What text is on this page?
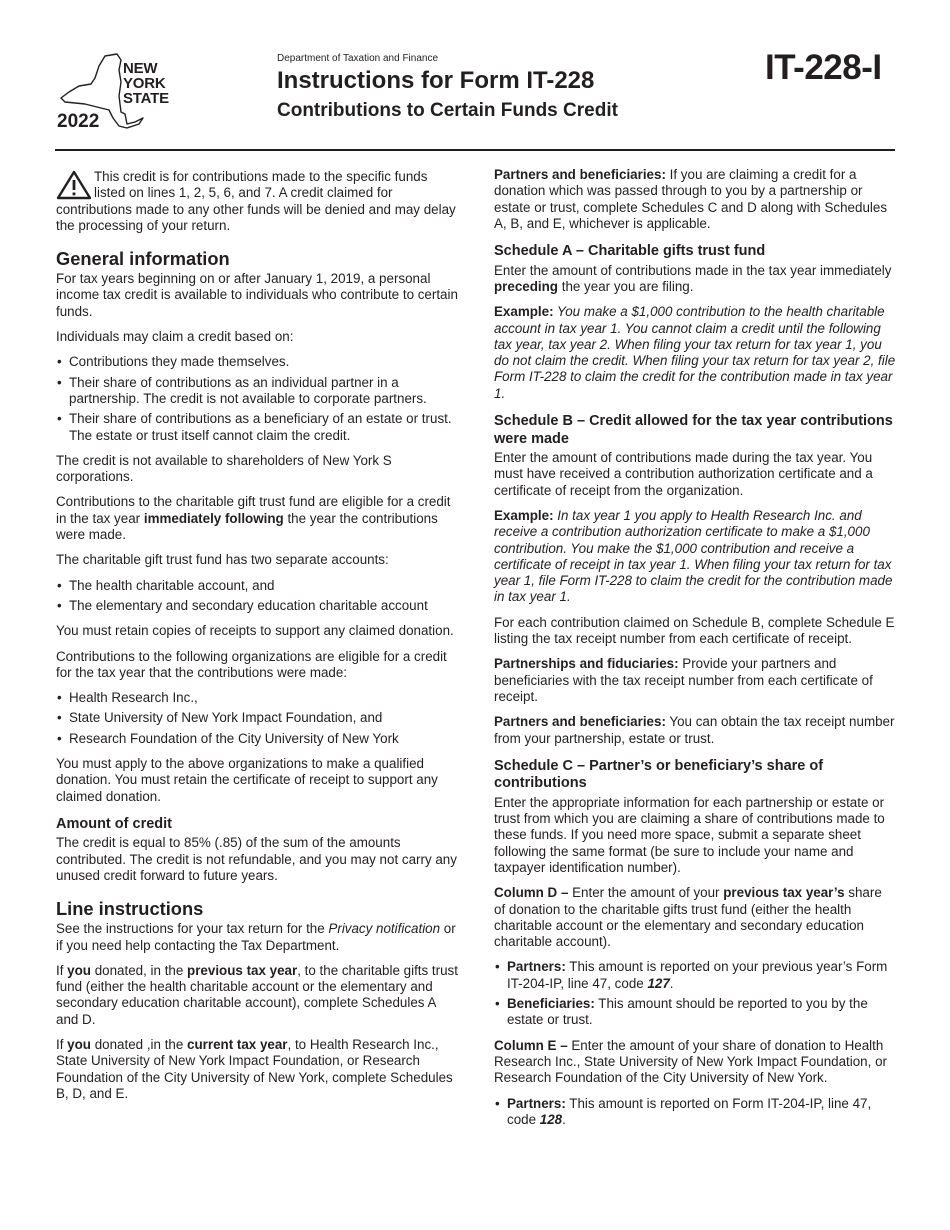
NEW
YORK
STATE
2022
Department of Taxation and Finance
Instructions for Form IT-228
Contributions to Certain Funds Credit
IT-228-I

This credit is for contributions made to the specific funds listed on lines 1, 2, 5, 6, and 7. A credit claimed for contributions made to any other funds will be denied and may delay the processing of your return.

General information

For tax years beginning on or after January 1, 2019, a personal income tax credit is available to individuals who contribute to certain funds.

Individuals may claim a credit based on:

• Contributions they made themselves.
• Their share of contributions as an individual partner in a partnership. The credit is not available to corporate partners.
• Their share of contributions as a beneficiary of an estate or trust. The estate or trust itself cannot claim the credit.

The credit is not available to shareholders of New York S corporations.

Contributions to the charitable gift trust fund are eligible for a credit in the tax year immediately following the year the contributions were made.

The charitable gift trust fund has two separate accounts:

• The health charitable account, and
• The elementary and secondary education charitable account

You must retain copies of receipts to support any claimed donation.

Contributions to the following organizations are eligible for a credit for the tax year that the contributions were made:

• Health Research Inc.,
• State University of New York Impact Foundation, and
• Research Foundation of the City University of New York

You must apply to the above organizations to make a qualified donation. You must retain the certificate of receipt to support any claimed donation.

Amount of credit

The credit is equal to 85% (.85) of the sum of the amounts contributed. The credit is not refundable, and you may not carry any unused credit forward to future years.

Line instructions

See the instructions for your tax return for the Privacy notification or if you need help contacting the Tax Department.

If you donated, in the previous tax year, to the charitable gifts trust fund (either the health charitable account or the elementary and secondary education charitable account), complete Schedules A and D.

If you donated ,in the current tax year, to Health Research Inc., State University of New York Impact Foundation, or Research Foundation of the City University of New York, complete Schedules B, D, and E.

Partners and beneficiaries: If you are claiming a credit for a donation which was passed through to you by a partnership or estate or trust, complete Schedules C and D along with Schedules A, B, and E, whichever is applicable.

Schedule A – Charitable gifts trust fund

Enter the amount of contributions made in the tax year immediately preceding the year you are filing.

Example: You make a $1,000 contribution to the health charitable account in tax year 1. You cannot claim a credit until the following tax year, tax year 2. When filing your tax return for tax year 1, you do not claim the credit. When filing your tax return for tax year 2, file Form IT-228 to claim the credit for the contribution made in tax year 1.

Schedule B – Credit allowed for the tax year contributions were made

Enter the amount of contributions made during the tax year. You must have received a contribution authorization certificate and a certificate of receipt from the organization.

Example: In tax year 1 you apply to Health Research Inc. and receive a contribution authorization certificate to make a $1,000 contribution. You make the $1,000 contribution and receive a certificate of receipt in tax year 1. When filing your tax return for tax year 1, file Form IT-228 to claim the credit for the contribution made in tax year 1.

For each contribution claimed on Schedule B, complete Schedule E listing the tax receipt number from each certificate of receipt.

Partnerships and fiduciaries: Provide your partners and beneficiaries with the tax receipt number from each certificate of receipt.

Partners and beneficiaries: You can obtain the tax receipt number from your partnership, estate or trust.

Schedule C – Partner’s or beneficiary’s share of contributions

Enter the appropriate information for each partnership or estate or trust from which you are claiming a share of contributions made to these funds. If you need more space, submit a separate sheet following the same format (be sure to include your name and taxpayer identification number).

Column D – Enter the amount of your previous tax year’s share of donation to the charitable gifts trust fund (either the health charitable account or the elementary and secondary education charitable account).

• Partners: This amount is reported on your previous year’s Form IT-204-IP, line 47, code 127.
• Beneficiaries: This amount should be reported to you by the estate or trust.

Column E – Enter the amount of your share of donation to Health Research Inc., State University of New York Impact Foundation, or Research Foundation of the City University of New York.

• Partners: This amount is reported on Form IT-204-IP, line 47, code 128.
